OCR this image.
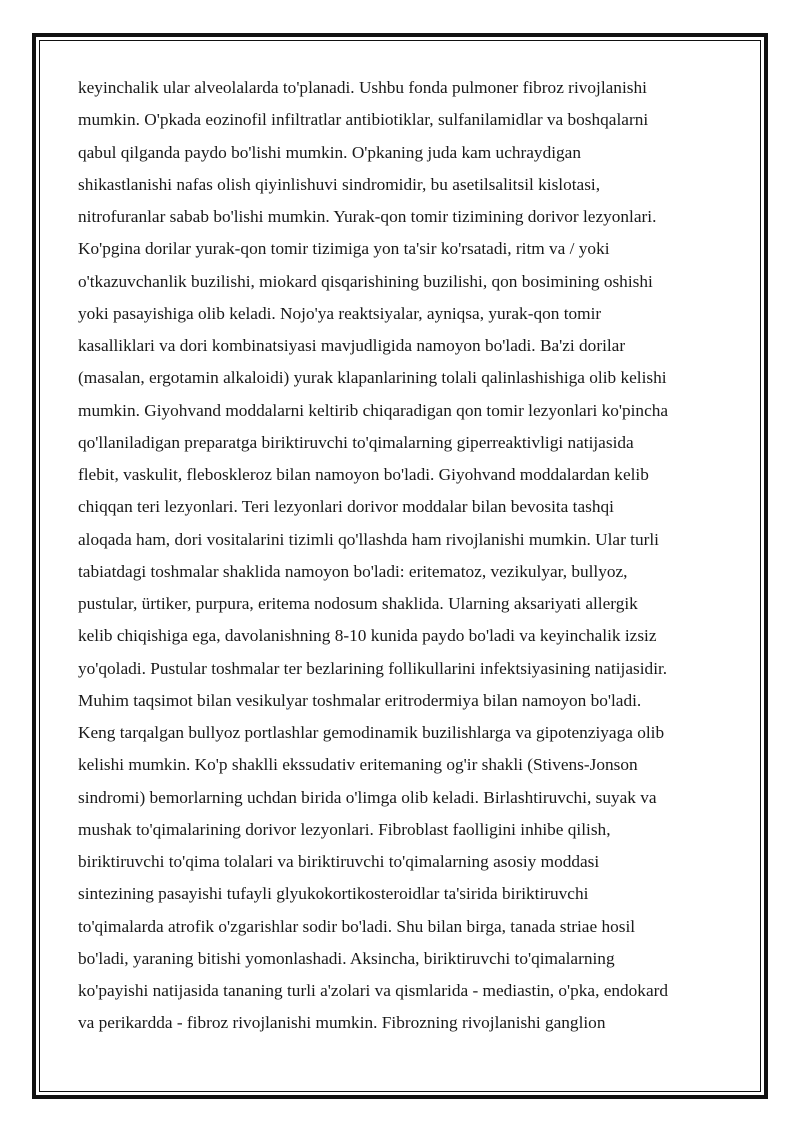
keyinchalik ular alveolalarda to'planadi. Ushbu fonda pulmoner fibroz rivojlanishi
mumkin. O'pkada eozinofil infiltratlar antibiotiklar, sulfanilamidlar va boshqalarni
qabul qilganda paydo bo'lishi mumkin. O'pkaning juda kam uchraydigan
shikastlanishi nafas olish qiyinlishuvi sindromidir, bu asetilsalitsil kislotasi,
nitrofuranlar sabab bo'lishi mumkin. Yurak-qon tomir tizimining dorivor lezyonlari.
Ko'pgina dorilar yurak-qon tomir tizimiga yon ta'sir ko'rsatadi, ritm va / yoki
o'tkazuvchanlik buzilishi, miokard qisqarishining buzilishi, qon bosimining oshishi
yoki pasayishiga olib keladi. Nojo'ya reaktsiyalar, ayniqsa, yurak-qon tomir
kasalliklari va dori kombinatsiyasi mavjudligida namoyon bo'ladi. Ba'zi dorilar
(masalan, ergotamin alkaloidi) yurak klapanlarining tolali qalinlashishiga olib kelishi
mumkin. Giyohvand moddalarni keltirib chiqaradigan qon tomir lezyonlari ko'pincha
qo'llaniladigan preparatga biriktiruvchi to'qimalarning giperreaktivligi natijasida
flebit, vaskulit, fleboskleroz bilan namoyon bo'ladi. Giyohvand moddalardan kelib
chiqqan teri lezyonlari. Teri lezyonlari dorivor moddalar bilan bevosita tashqi
aloqada ham, dori vositalarini tizimli qo'llashda ham rivojlanishi mumkin. Ular turli
tabiatdagi toshmalar shaklida namoyon bo'ladi: eritematoz, vezikulyar, bullyoz,
pustular, ürtiker, purpura, eritema nodosum shaklida. Ularning aksariyati allergik
kelib chiqishiga ega, davolanishning 8-10 kunida paydo bo'ladi va keyinchalik izsiz
yo'qoladi. Pustular toshmalar ter bezlarining follikullarini infektsiyasining natijasidir.
Muhim taqsimot bilan vesikulyar toshmalar eritrodermiya bilan namoyon bo'ladi.
Keng tarqalgan bullyoz portlashlar gemodinamik buzilishlarga va gipotenziyaga olib
kelishi mumkin. Ko'p shaklli ekssudativ eritemaning og'ir shakli (Stivens-Jonson
sindromi) bemorlarning uchdan birida o'limga olib keladi. Birlashtiruvchi, suyak va
mushak to'qimalarining dorivor lezyonlari. Fibroblast faolligini inhibe qilish,
biriktiruvchi to'qima tolalari va biriktiruvchi to'qimalarning asosiy moddasi
sintezining pasayishi tufayli glyukokortikosteroidlar ta'sirida biriktiruvchi
to'qimalarda atrofik o'zgarishlar sodir bo'ladi. Shu bilan birga, tanada striae hosil
bo'ladi, yaraning bitishi yomonlashadi. Aksincha, biriktiruvchi to'qimalarning
ko'payishi natijasida tananing turli a'zolari va qismlarida - mediastin, o'pka, endokard
va perikardda - fibroz rivojlanishi mumkin. Fibrozning rivojlanishi ganglion
